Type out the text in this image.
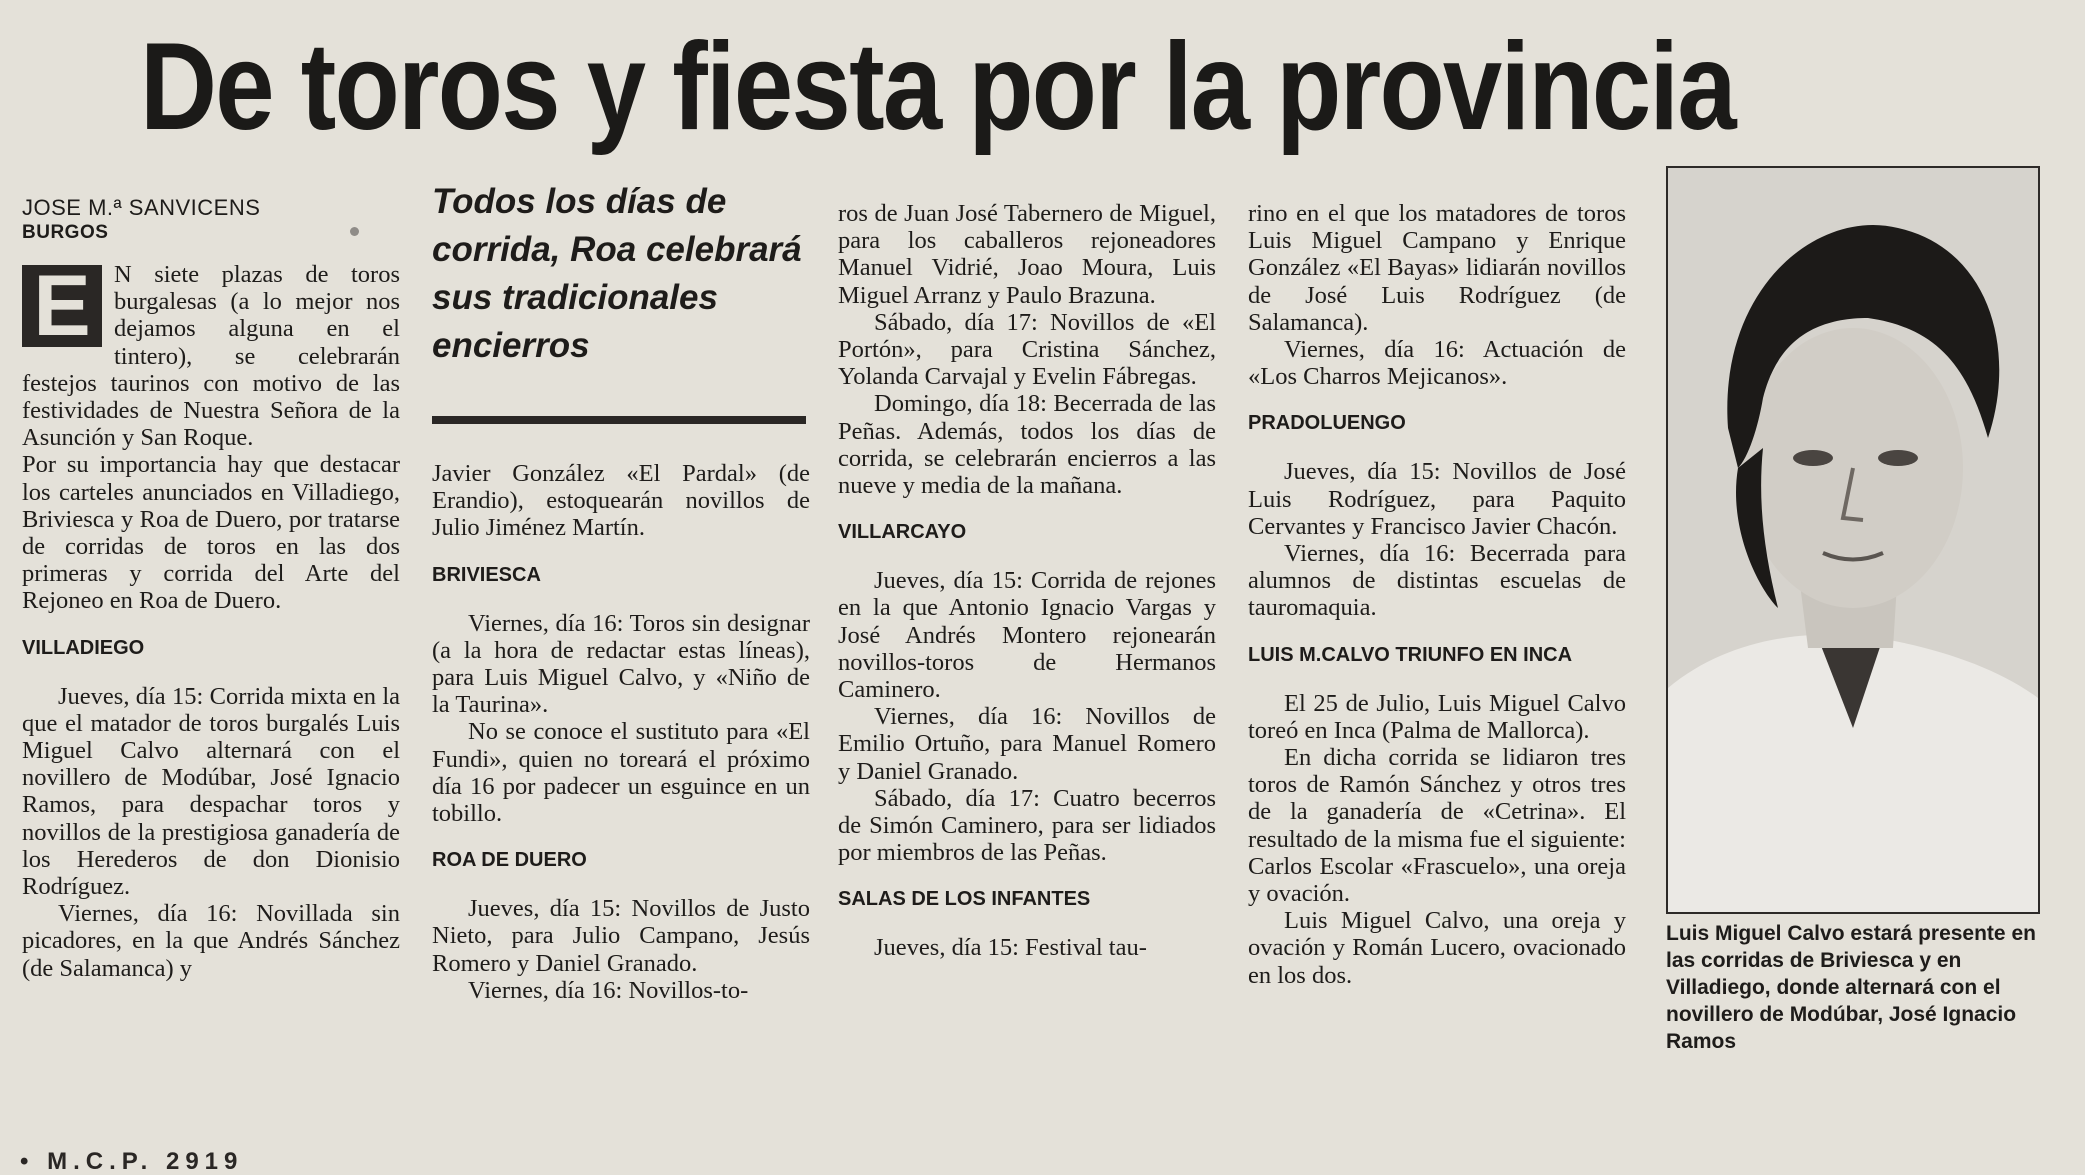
De toros y fiesta por la provincia
JOSE M.ª SANVICENS
BURGOS

E N siete plazas de toros burgalesas (a lo mejor nos dejamos alguna en el tintero), se celebrarán festejos taurinos con motivo de las festividades de Nuestra Señora de la Asunción y San Roque.

Por su importancia hay que destacar los carteles anunciados en Villadiego, Briviesca y Roa de Duero, por tratarse de corridas de toros en las dos primeras y corrida del Arte del Rejoneo en Roa de Duero.

VILLADIEGO

Jueves, día 15: Corrida mixta en la que el matador de toros burgalés Luis Miguel Calvo alternará con el novillero de Modúbar, José Ignacio Ramos, para despachar toros y novillos de la prestigiosa ganadería de los Herederos de don Dionisio Rodríguez.

Viernes, día 16: Novillada sin picadores, en la que Andrés Sánchez (de Salamanca) y

Todos los días de corrida, Roa celebrará sus tradicionales encierros

Javier González «El Pardal» (de Erandio), estoquearán novillos de Julio Jiménez Martín.

BRIVIESCA

Viernes, día 16: Toros sin designar (a la hora de redactar estas líneas), para Luis Miguel Calvo, y «Niño de la Taurina».

No se conoce el sustituto para «El Fundi», quien no toreará el próximo día 16 por padecer un esguince en un tobillo.

ROA DE DUERO

Jueves, día 15: Novillos de Justo Nieto, para Julio Campano, Jesús Romero y Daniel Granado.

Viernes, día 16: Novillos-to-

ros de Juan José Tabernero de Miguel, para los caballeros rejoneadores Manuel Vidrié, Joao Moura, Luis Miguel Arranz y Paulo Brazuna.

Sábado, día 17: Novillos de «El Portón», para Cristina Sánchez, Yolanda Carvajal y Evelin Fábregas.

Domingo, día 18: Becerrada de las Peñas. Además, todos los días de corrida, se celebrarán encierros a las nueve y media de la mañana.

VILLARCAYO

Jueves, día 15: Corrida de rejones en la que Antonio Ignacio Vargas y José Andrés Montero rejonearán novillos-toros de Hermanos Caminero.

Viernes, día 16: Novillos de Emilio Ortuño, para Manuel Romero y Daniel Granado.

Sábado, día 17: Cuatro becerros de Simón Caminero, para ser lidiados por miembros de las Peñas.

SALAS DE LOS INFANTES

Jueves, día 15: Festival tau-

rino en el que los matadores de toros Luis Miguel Campano y Enrique González «El Bayas» lidiarán novillos de José Luis Rodríguez (de Salamanca).

Viernes, día 16: Actuación de «Los Charros Mejicanos».

PRADOLUENGO

Jueves, día 15: Novillos de José Luis Rodríguez, para Paquito Cervantes y Francisco Javier Chacón.

Viernes, día 16: Becerrada para alumnos de distintas escuelas de tauromaquia.

LUIS M.CALVO TRIUNFO EN INCA

El 25 de Julio, Luis Miguel Calvo toreó en Inca (Palma de Mallorca).

En dicha corrida se lidiaron tres toros de Ramón Sánchez y otros tres de la ganadería de «Cetrina». El resultado de la misma fue el siguiente: Carlos Escolar «Frascuelo», una oreja y ovación.

Luis Miguel Calvo, una oreja y ovación y Román Lucero, ovacionado en los dos.

Luis Miguel Calvo estará presente en las corridas de Briviesca y en Villadiego, donde alternará con el novillero de Modúbar, José Ignacio Ramos
• M.C.P. 2919
